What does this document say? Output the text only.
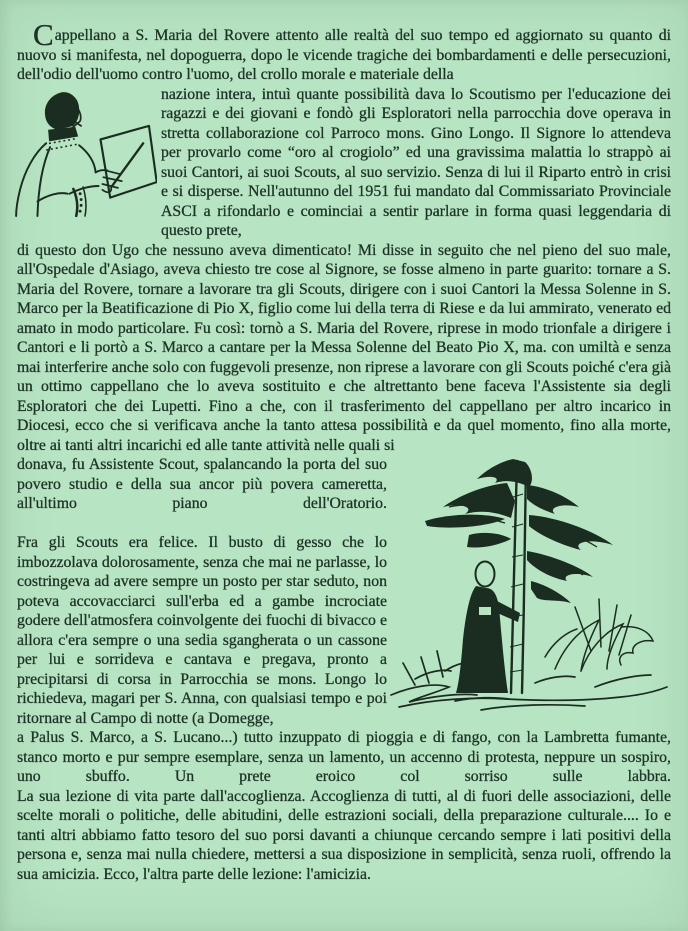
Cappellano a S. Maria del Rovere attento alle realtà del suo tempo ed aggiornato su quanto di nuovo si manifesta, nel dopoguerra, dopo le vicende tragiche dei bombardamenti e delle persecuzioni, dell'odio dell'uomo contro l'uomo, del crollo morale e materiale della

nazione intera, intuì quante possibilità dava lo Scoutismo per l'educazione dei ragazzi e dei giovani e fondò gli Esploratori nella parrocchia dove operava in stretta collaborazione col Parroco mons. Gino Longo. Il Signore lo attendeva per provarlo come “oro al crogiolo” ed una gravissima malattia lo strappò ai suoi Cantori, ai suoi Scouts, al suo servizio. Senza di lui il Riparto entrò in crisi e si disperse. Nell'autunno del 1951 fui mandato dal Commissariato Provinciale ASCI a rifondarlo e cominciai a sentir parlare in forma quasi leggendaria di questo prete,

di questo don Ugo che nessuno aveva dimenticato! Mi disse in seguito che nel pieno del suo male, all'Ospedale d'Asiago, aveva chiesto tre cose al Signore, se fosse almeno in parte guarito: tornare a S. Maria del Rovere, tornare a lavorare tra gli Scouts, dirigere con i suoi Cantori la Messa Solenne in S. Marco per la Beatificazione di Pio X, figlio come lui della terra di Riese e da lui ammirato, venerato ed amato in modo particolare. Fu così: tornò a S. Maria del Rovere, riprese in modo trionfale a dirigere i Cantori e li portò a S. Marco a cantare per la Messa Solenne del Beato Pio X, ma. con umiltà e senza mai interferire anche solo con fuggevoli presenze, non riprese a lavorare con gli Scouts poiché c'era già un ottimo cappellano che lo aveva sostituito e che altrettanto bene faceva l'Assistente sia degli Esploratori che dei Lupetti. Fino a che, con il trasferimento del cappellano per altro incarico in Diocesi, ecco che si verificava anche la tanto attesa possibilità e da quel momento, fino alla morte, oltre ai tanti altri incarichi ed alle tante attività nelle quali si

donava, fu Assistente Scout, spalancando la porta del suo povero studio e della sua ancor più povera cameretta, all'ultimo piano dell'Oratorio.

Fra gli Scouts era felice. Il busto di gesso che lo imbozzolava dolorosamente, senza che mai ne parlasse, lo costringeva ad avere sempre un posto per star seduto, non poteva accovacciarci sull'erba ed a gambe incrociate godere dell'atmosfera coinvolgente dei fuochi di bivacco e allora c'era sempre o una sedia sgangherata o un cassone per lui e sorrideva e cantava e pregava, pronto a precipitarsi di corsa in Parrocchia se mons. Longo lo richiedeva, magari per S. Anna, con qualsiasi tempo e poi ritornare al Campo di notte (a Domegge,

a Palus S. Marco, a S. Lucano...) tutto inzuppato di pioggia e di fango, con la Lambretta fumante, stanco morto e pur sempre esemplare, senza un lamento, un accenno di protesta, neppure un sospiro, uno sbuffo. Un prete eroico col sorriso sulle labbra.

La sua lezione di vita parte dall'accoglienza. Accoglienza di tutti, al di fuori delle associazioni, delle scelte morali o politiche, delle abitudini, delle estrazioni sociali, della preparazione culturale.... Io e tanti altri abbiamo fatto tesoro del suo porsi davanti a chiunque cercando sempre i lati positivi della persona e, senza mai nulla chiedere, mettersi a sua disposizione in semplicità, senza ruoli, offrendo la sua amicizia. Ecco, l'altra parte delle lezione: l'amicizia.
